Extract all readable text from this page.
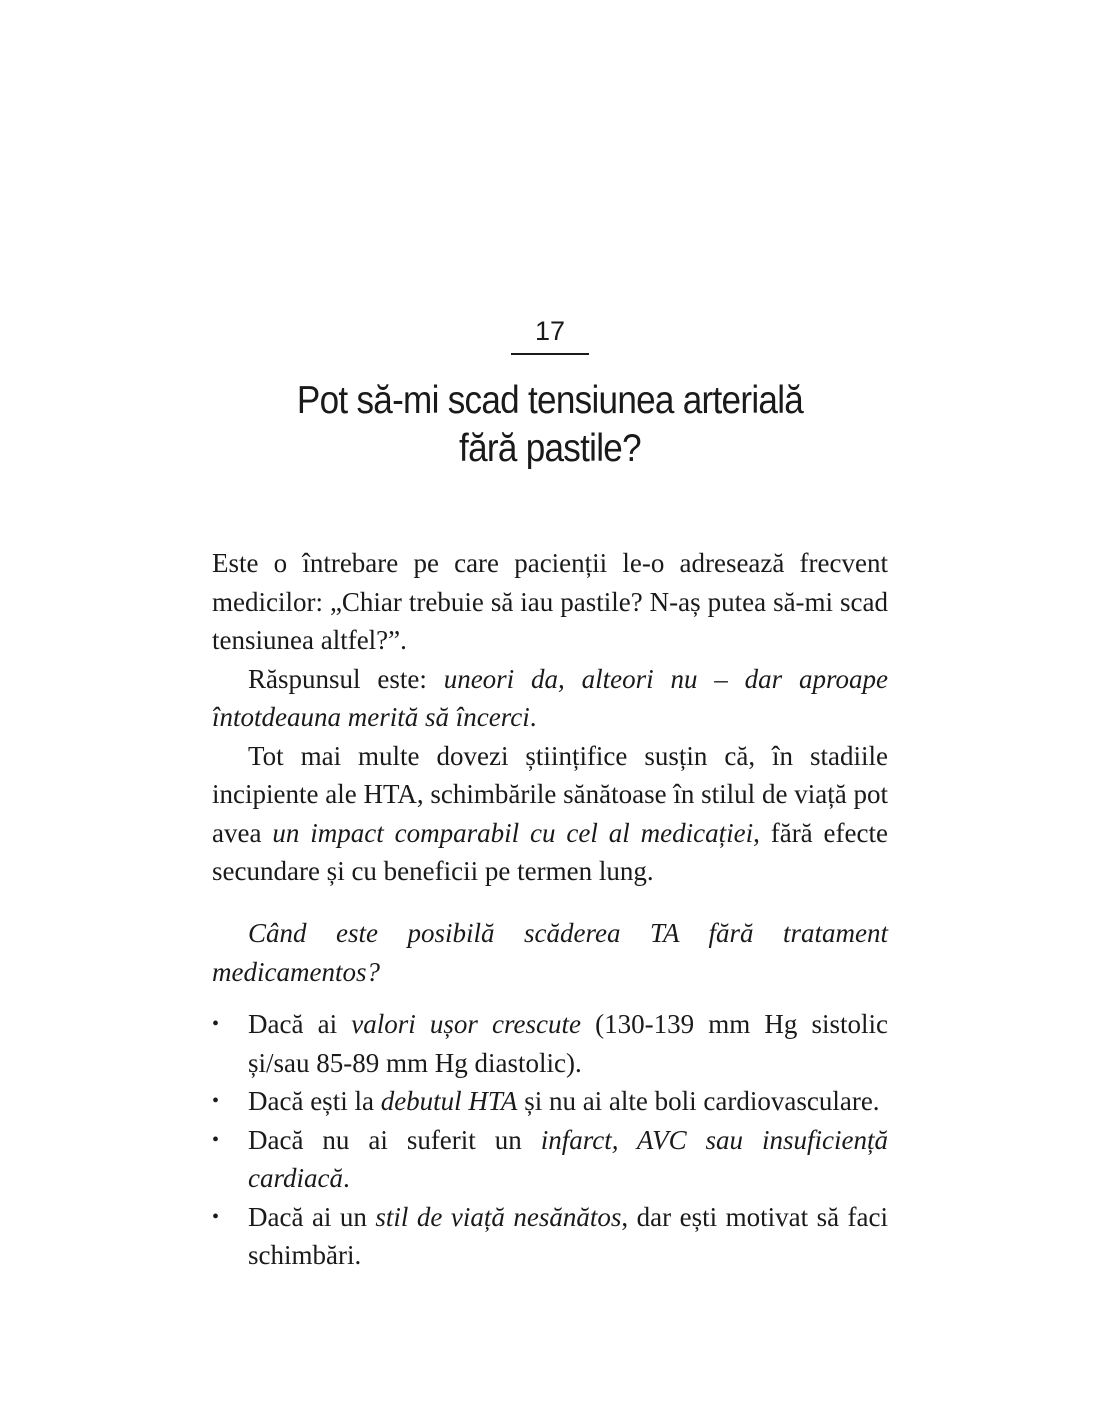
17
Pot să-mi scad tensiunea arterială
fără pastile?

Este o întrebare pe care pacienții le-o adresează frecvent medicilor: „Chiar trebuie să iau pastile? N-aș putea să-mi scad tensiunea altfel?”.

Răspunsul este: uneori da, alteori nu – dar aproape întotdeauna merită să încerci.

Tot mai multe dovezi științifice susțin că, în stadiile incipiente ale HTA, schimbările sănătoase în stilul de viață pot avea un impact comparabil cu cel al medicației, fără efecte secundare și cu beneficii pe termen lung.

Când este posibilă scăderea TA fără tratament medicamentos?

•	Dacă ai valori ușor crescute (130-139 mm Hg sistolic și/sau 85-89 mm Hg diastolic).
•	Dacă ești la debutul HTA și nu ai alte boli cardiovasculare.
•	Dacă nu ai suferit un infarct, AVC sau insuficiență cardiacă.
•	Dacă ai un stil de viață nesănătos, dar ești motivat să faci schimbări.
